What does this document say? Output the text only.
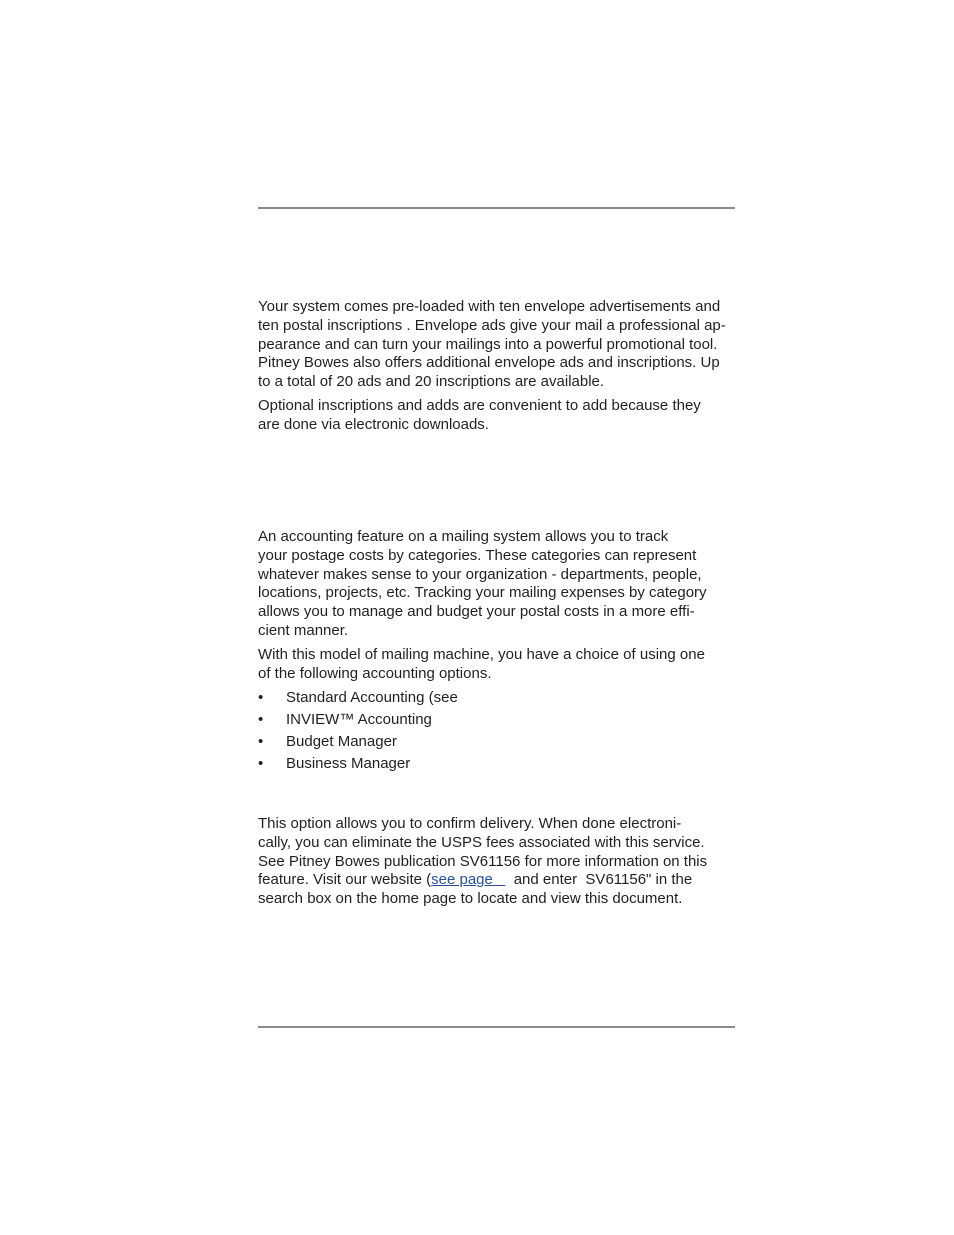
Your system comes pre-loaded with ten envelope advertisements and
ten postal inscriptions . Envelope ads give your mail a professional ap-
pearance and can turn your mailings into a powerful promotional tool.
Pitney Bowes also offers additional envelope ads and inscriptions. Up
to a total of 20 ads and 20 inscriptions are available.

Optional inscriptions and adds are convenient to add because they
are done via electronic downloads.

An accounting feature on a mailing system allows you to track
your postage costs by categories. These categories can represent
whatever makes sense to your organization - departments, people,
locations, projects, etc. Tracking your mailing expenses by category
allows you to manage and budget your postal costs in a more effi-
cient manner.

With this model of mailing machine, you have a choice of using one
of the following accounting options.

• Standard Accounting (see
• INVIEW™ Accounting
• Budget Manager
• Business Manager

This option allows you to confirm delivery. When done electroni-
cally, you can eliminate the USPS fees associated with this service.
See Pitney Bowes publication SV61156 for more information on this
feature. Visit our website (see page     and enter  SV61156" in the
search box on the home page to locate and view this document.
